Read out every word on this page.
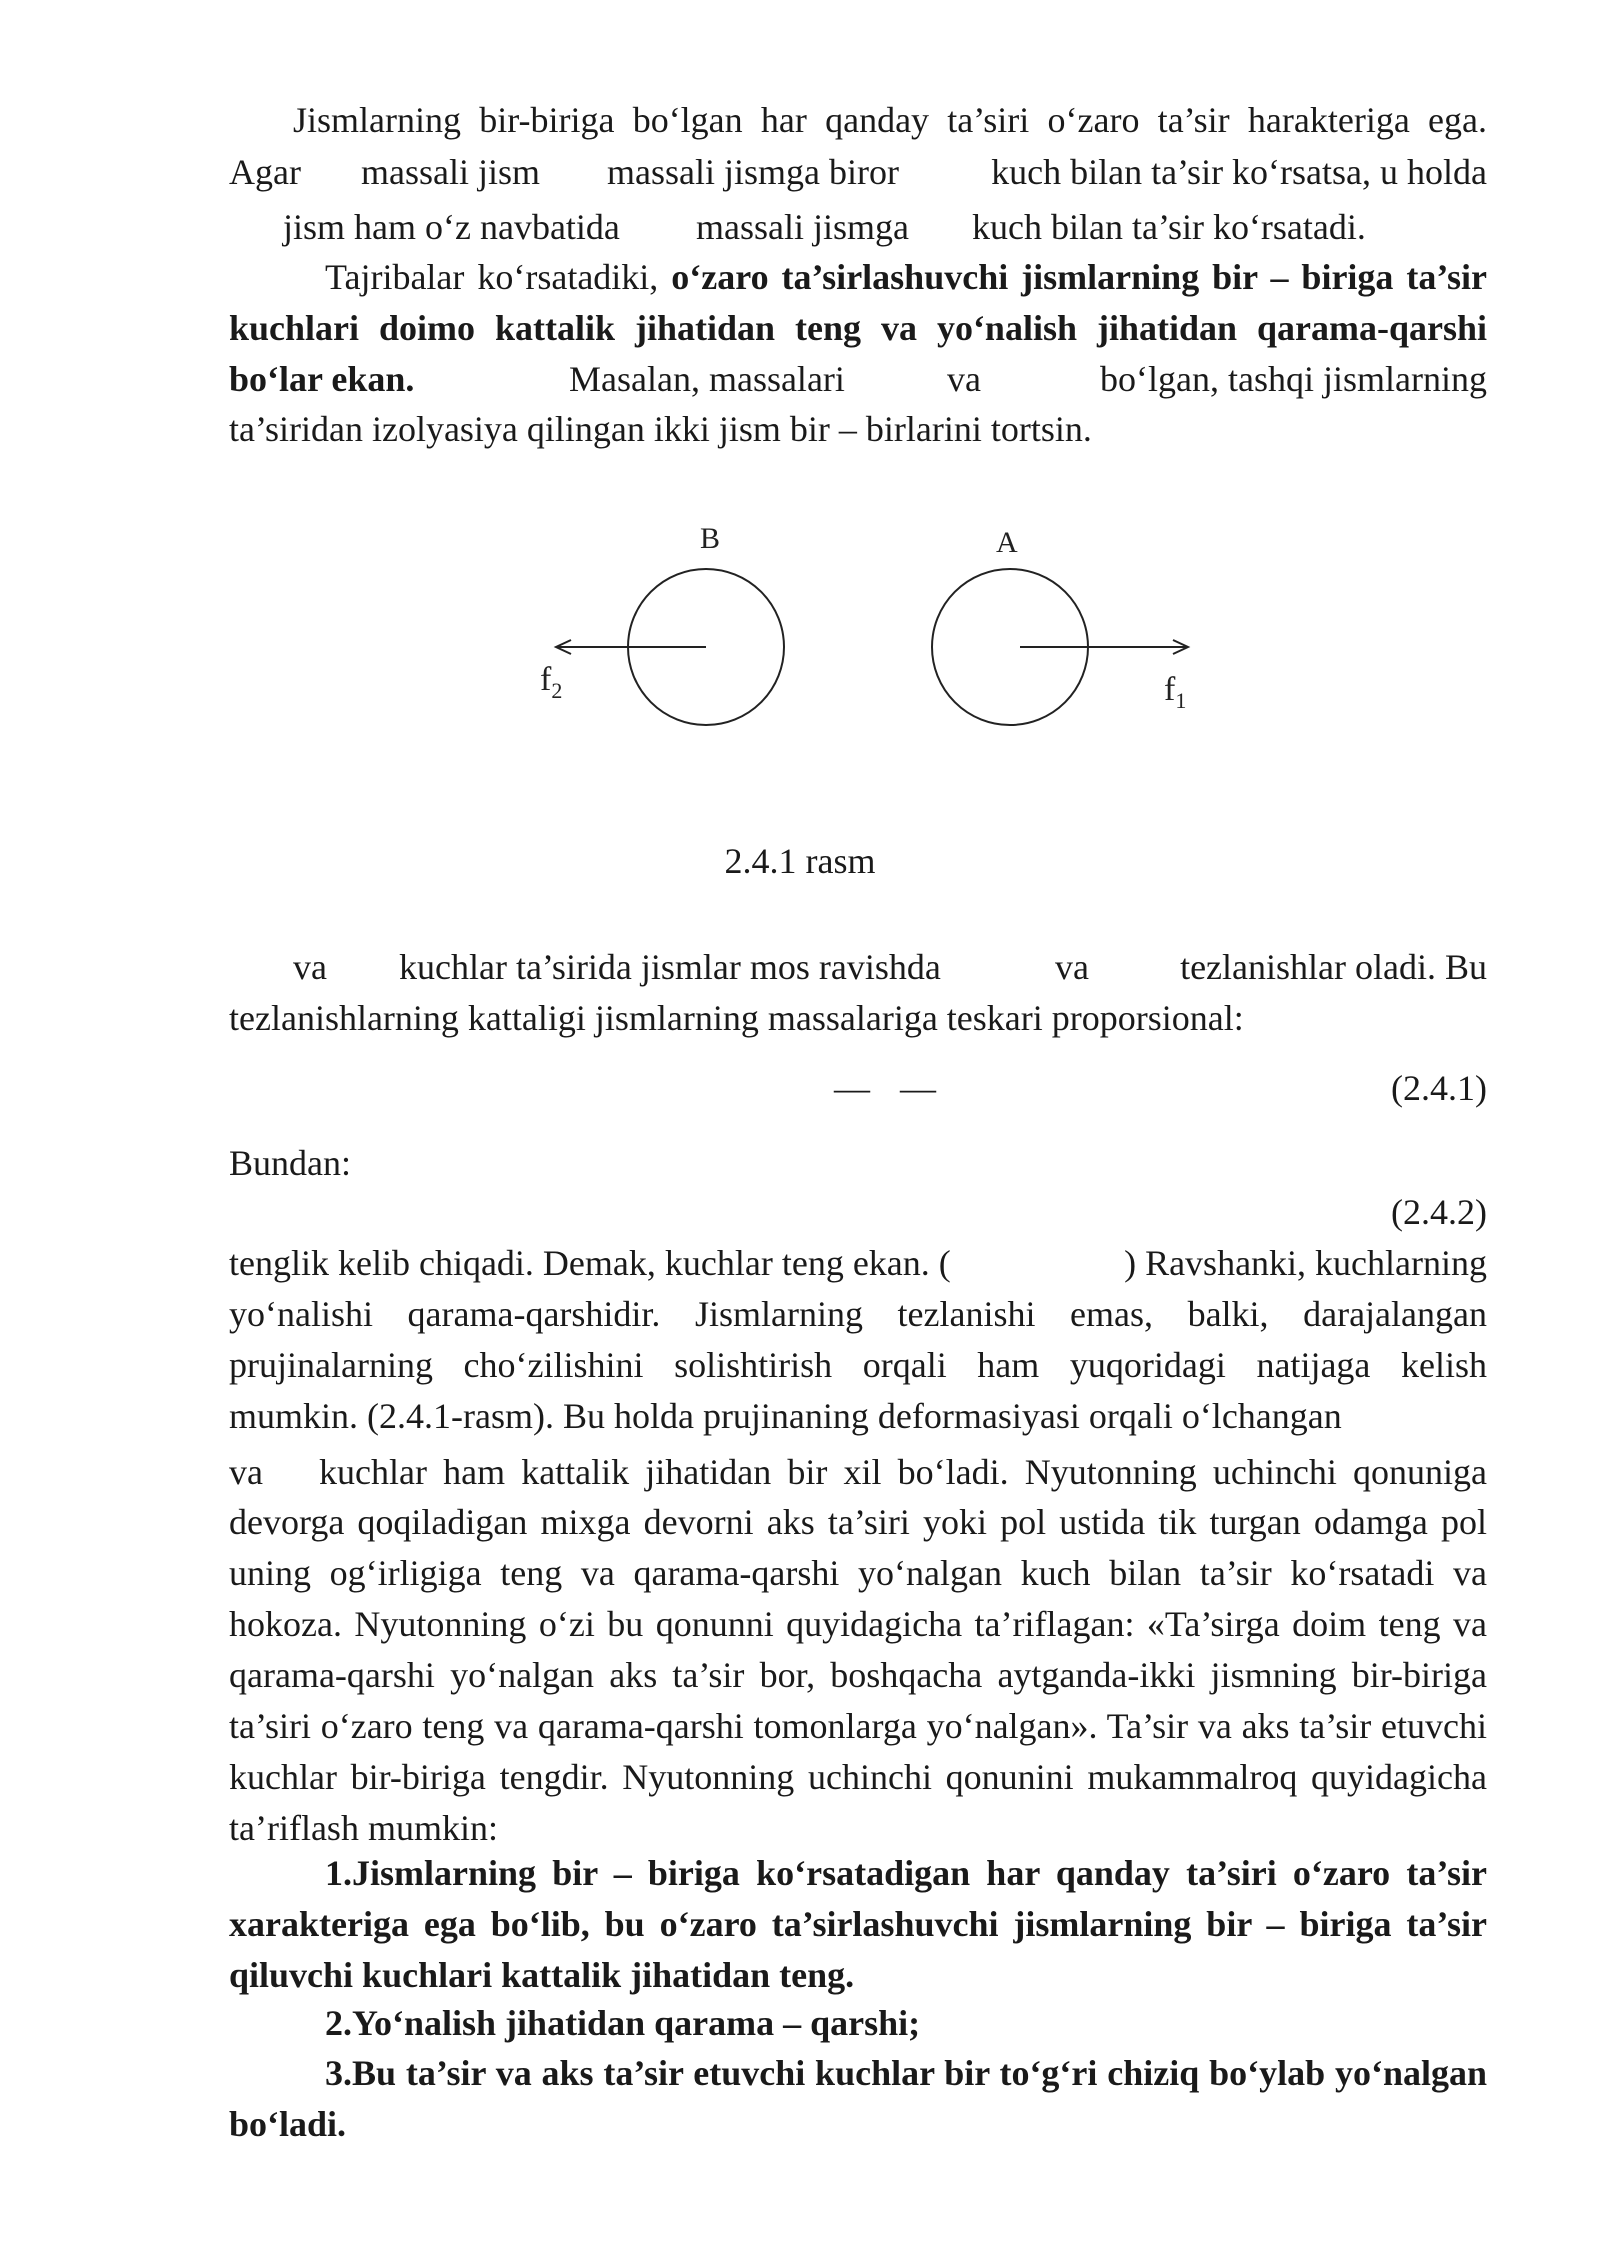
Jismlarning bir-biriga bo‘lgan har qanday ta’siri o‘zaro ta’sir harakteriga ega.
Agar massali jism massali jismga biror	kuch bilan ta’sir ko‘rsatsa, u holda
jism ham o‘z navbatida massali jismga kuch bilan ta’sir ko‘rsatadi.

Tajribalar ko‘rsatadiki, o‘zaro ta’sirlashuvchi jismlarning bir – biriga ta’sir kuchlari doimo kattalik jihatidan teng va yo‘nalish jihatidan qarama-qarshi bo‘lar ekan.	Masalan, massalari	va	bo‘lgan, tashqi jismlarning
ta’siridan izolyasiya qilingan ikki jism bir – birlarini tortsin.
B	A
$f_2$	$f_1$
2.4.1 rasm
va kuchlar ta’sirida jismlar mos ravishda	va	tezlanishlar oladi. Bu
tezlanishlarning kattaligi jismlarning massalariga teskari proporsional:
— —	(2.4.1)
Bundan:
(2.4.2)
tenglik kelib chiqadi. Demak, kuchlar teng ekan. (	) Ravshanki, kuchlarning

yo‘nalishi qarama-qarshidir. Jismlarning tezlanishi emas, balki, darajalangan prujinalarning cho‘zilishini solishtirish orqali ham yuqoridagi natijaga kelish

mumkin. (2.4.1-rasm). Bu holda prujinaning deformasiyasi orqali o‘lchangan
va kuchlar ham kattalik jihatidan bir xil bo‘ladi. Nyutonning uchinchi qonuniga

devorga qoqiladigan mixga devorni aks ta’siri yoki pol ustida tik turgan odamga pol uning og‘irligiga teng va qarama-qarshi yo‘nalgan kuch bilan ta’sir ko‘rsatadi va hokoza. Nyutonning o‘zi bu qonunni quyidagicha ta’riflagan: «Ta’sirga doim teng va qarama-qarshi yo‘nalgan aks ta’sir bor, boshqacha aytganda-ikki jismning bir-biriga ta’siri o‘zaro teng va qarama-qarshi tomonlarga yo‘nalgan». Ta’sir va aks ta’sir etuvchi kuchlar bir-biriga tengdir. Nyutonning uchinchi qonunini mukammalroq quyidagicha ta’riflash mumkin:

1.Jismlarning bir – biriga ko‘rsatadigan har qanday ta’siri o‘zaro ta’sir xarakteriga ega bo‘lib, bu o‘zaro ta’sirlashuvchi jismlarning bir – biriga ta’sir qiluvchi kuchlari kattalik jihatidan teng.

2.Yo‘nalish jihatidan qarama – qarshi;

3.Bu ta’sir va aks ta’sir etuvchi kuchlar bir to‘g‘ri chiziq bo‘ylab yo‘nalgan bo‘ladi.
